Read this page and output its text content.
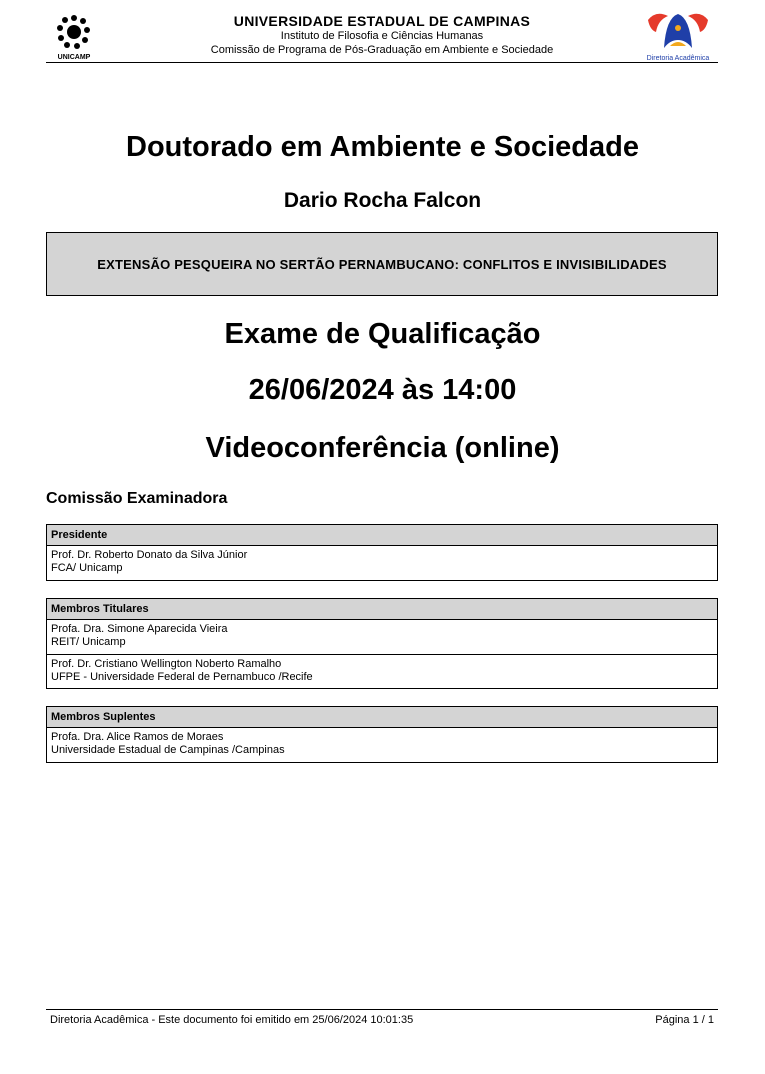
UNICAMP
UNIVERSIDADE ESTADUAL DE CAMPINAS
Instituto de Filosofia e Ciências Humanas
Comissão de Programa de Pós-Graduação em Ambiente e Sociedade
Diretoria Acadêmica
Doutorado em Ambiente e Sociedade
Dario Rocha Falcon
EXTENSÃO PESQUEIRA NO SERTÃO PERNAMBUCANO: CONFLITOS E INVISIBILIDADES
Exame de Qualificação
26/06/2024 às 14:00
Videoconferência (online)
Comissão Examinadora
Presidente
Prof. Dr. Roberto Donato da Silva Júnior
FCA/ Unicamp
Membros Titulares
Profa. Dra. Simone Aparecida Vieira
REIT/ Unicamp
Prof. Dr. Cristiano Wellington Noberto Ramalho
UFPE - Universidade Federal de Pernambuco /Recife
Membros Suplentes
Profa. Dra. Alice Ramos de Moraes
Universidade Estadual de Campinas /Campinas
Diretoria Acadêmica - Este documento foi emitido em 25/06/2024 10:01:35	Página 1 / 1
